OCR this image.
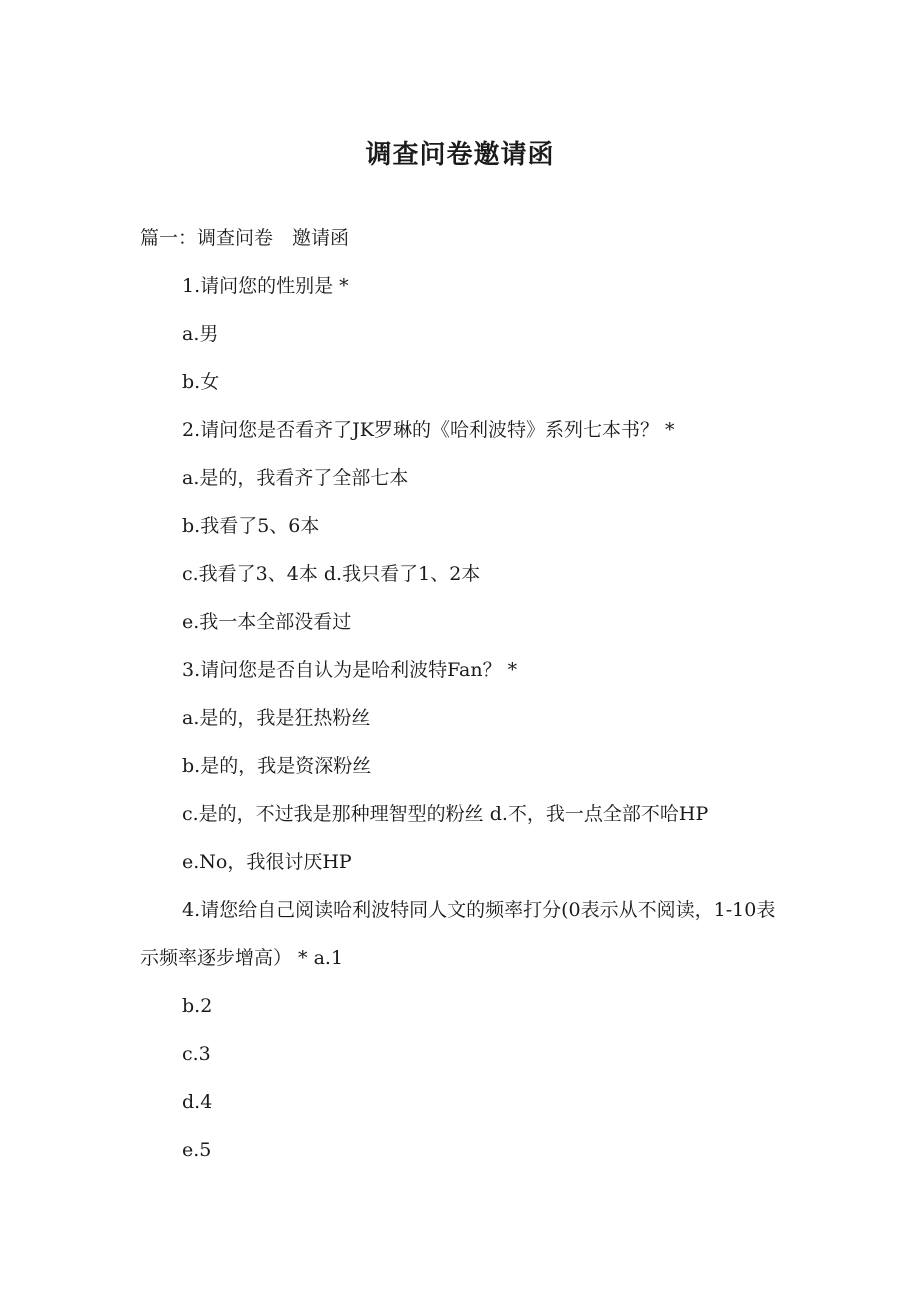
调查问卷邀请函

篇一：调查问卷　邀请函

1.请问您的性别是 *

a.男

b.女

2.请问您是否看齐了JK罗琳的《哈利波特》系列七本书？ *

a.是的，我看齐了全部七本

b.我看了5、6本

c.我看了3、4本 d.我只看了1、2本

e.我一本全部没看过

3.请问您是否自认为是哈利波特Fan？ *

a.是的，我是狂热粉丝

b.是的，我是资深粉丝

c.是的，不过我是那种理智型的粉丝 d.不，我一点全部不哈HP

e.No，我很讨厌HP

4.请您给自己阅读哈利波特同人文的频率打分(0表示从不阅读，1-10表示频率逐步增高） * a.1

b.2

c.3

d.4

e.5
